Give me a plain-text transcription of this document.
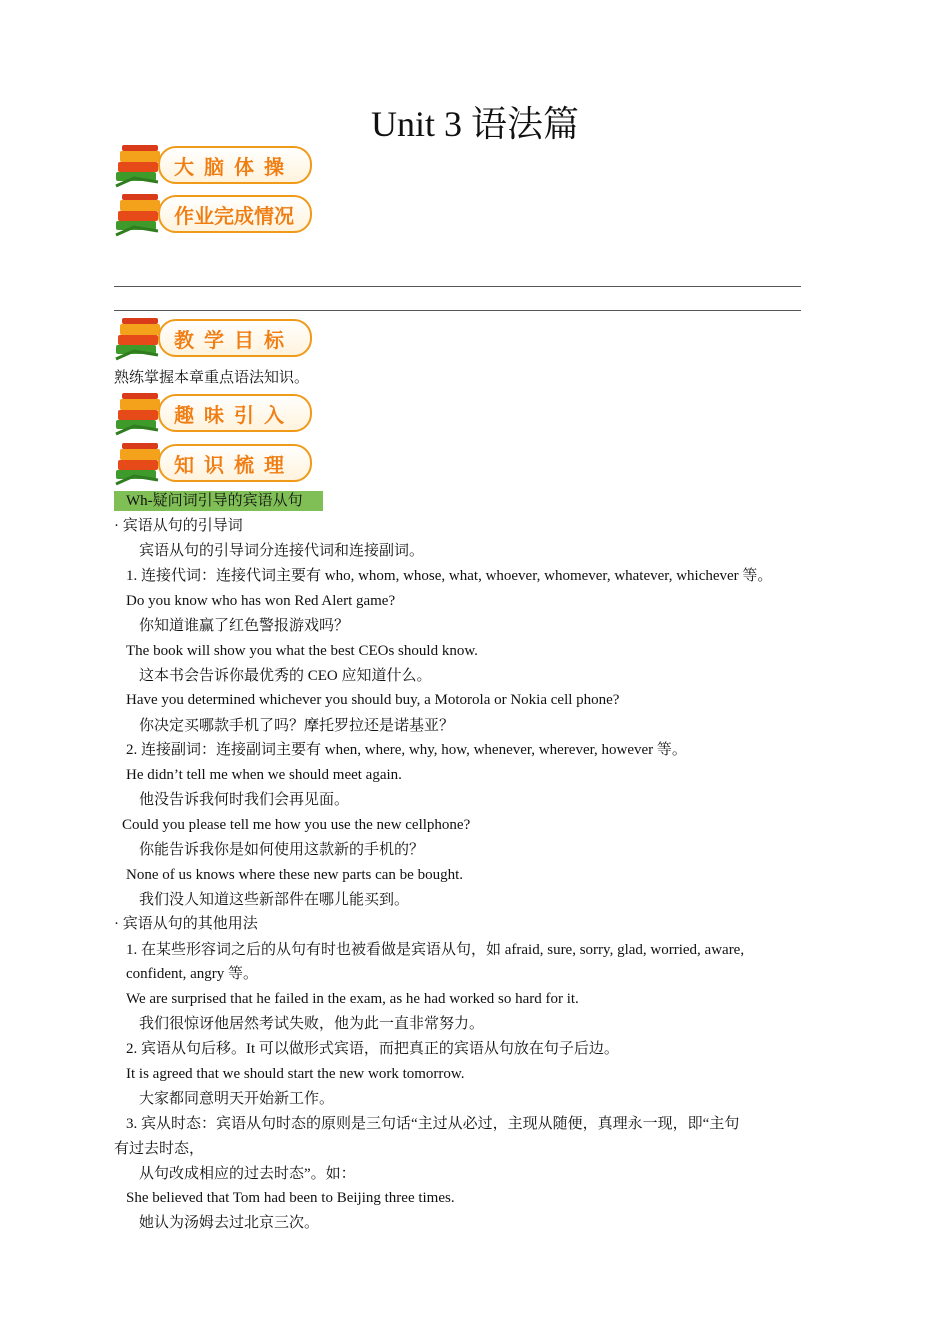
Unit 3 语法篇
大脑体操
作业完成情况
教学目标
熟练掌握本章重点语法知识。
趣味引入
知识梳理
Wh-疑问词引导的宾语从句
· 宾语从句的引导词
宾语从句的引导词分连接代词和连接副词。
1. 连接代词：连接代词主要有 who, whom, whose, what, whoever, whomever, whatever, whichever 等。
Do you know who has won Red Alert game?
你知道谁赢了红色警报游戏吗？
The book will show you what the best CEOs should know.
这本书会告诉你最优秀的 CEO 应知道什么。
Have you determined whichever you should buy, a Motorola or Nokia cell phone?
你决定买哪款手机了吗？摩托罗拉还是诺基亚？
2. 连接副词：连接副词主要有 when, where, why, how, whenever, wherever, however 等。
He didn’t tell me when we should meet again.
他没告诉我何时我们会再见面。
Could you please tell me how you use the new cellphone?
你能告诉我你是如何使用这款新的手机的？
None of us knows where these new parts can be bought.
我们没人知道这些新部件在哪儿能买到。
· 宾语从句的其他用法
1. 在某些形容词之后的从句有时也被看做是宾语从句，如 afraid, sure, sorry, glad, worried, aware,
confident, angry 等。
We are surprised that he failed in the exam, as he had worked so hard for it.
我们很惊讶他居然考试失败，他为此一直非常努力。
2. 宾语从句后移。It 可以做形式宾语，而把真正的宾语从句放在句子后边。
It is agreed that we should start the new work tomorrow.
大家都同意明天开始新工作。
3. 宾从时态：宾语从句时态的原则是三句话“主过从必过，主现从随便，真理永一现，即“主句
有过去时态，
从句改成相应的过去时态”。如：
She believed that Tom had been to Beijing three times.
她认为汤姆去过北京三次。
